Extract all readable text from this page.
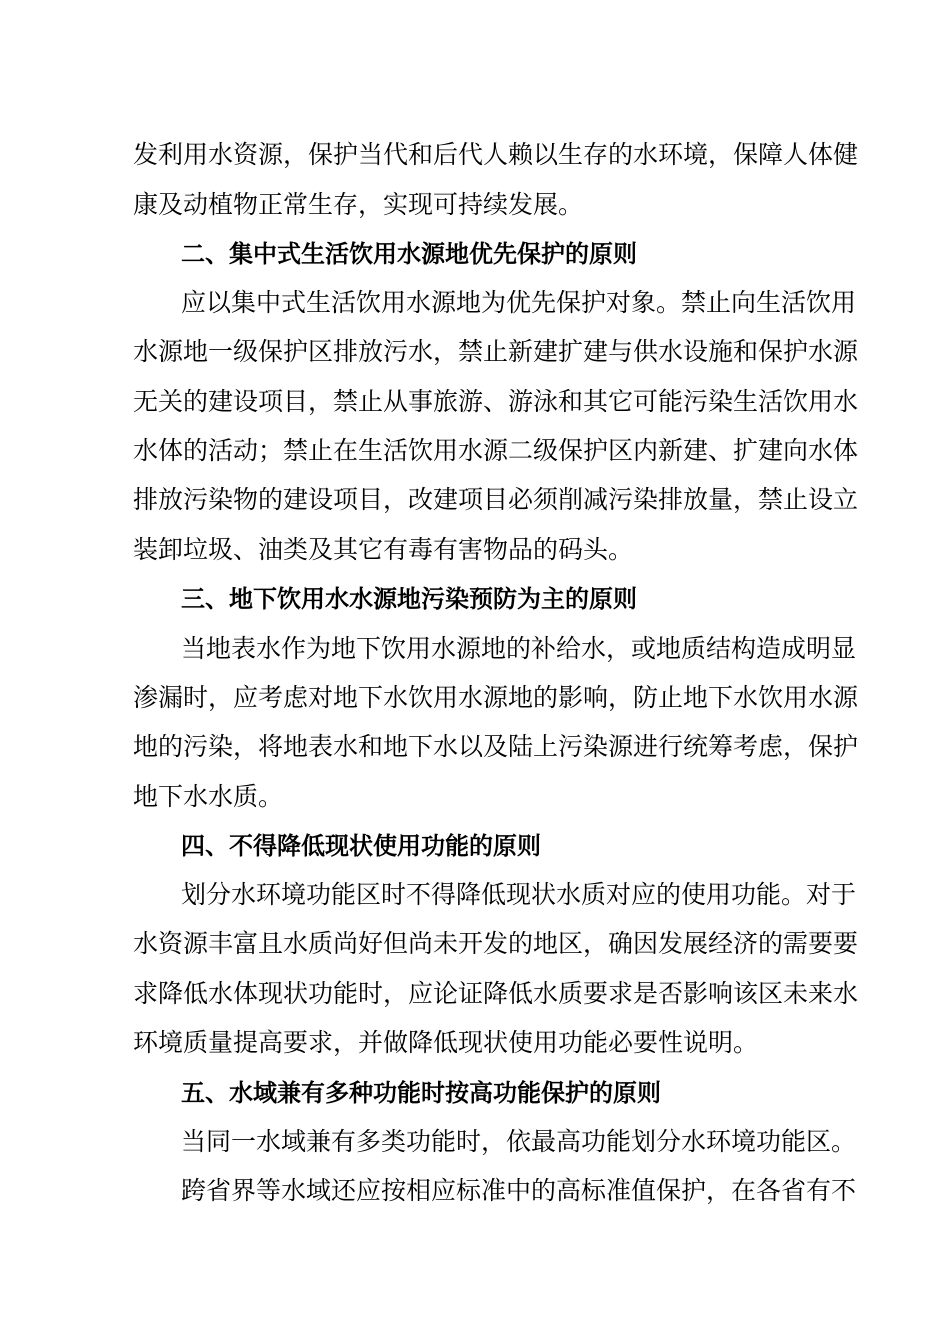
发利用水资源，保护当代和后代人赖以生存的水环境，保障人体健
康及动植物正常生存，实现可持续发展。
二、集中式生活饮用水源地优先保护的原则
应以集中式生活饮用水源地为优先保护对象。禁止向生活饮用
水源地一级保护区排放污水，禁止新建扩建与供水设施和保护水源
无关的建设项目，禁止从事旅游、游泳和其它可能污染生活饮用水
水体的活动；禁止在生活饮用水源二级保护区内新建、扩建向水体
排放污染物的建设项目，改建项目必须削减污染排放量，禁止设立
装卸垃圾、油类及其它有毒有害物品的码头。
三、地下饮用水水源地污染预防为主的原则
当地表水作为地下饮用水源地的补给水，或地质结构造成明显
渗漏时，应考虑对地下水饮用水源地的影响，防止地下水饮用水源
地的污染，将地表水和地下水以及陆上污染源进行统筹考虑，保护
地下水水质。
四、不得降低现状使用功能的原则
划分水环境功能区时不得降低现状水质对应的使用功能。对于
水资源丰富且水质尚好但尚未开发的地区，确因发展经济的需要要
求降低水体现状功能时，应论证降低水质要求是否影响该区未来水
环境质量提高要求，并做降低现状使用功能必要性说明。
五、水域兼有多种功能时按高功能保护的原则
当同一水域兼有多类功能时，依最高功能划分水环境功能区。
跨省界等水域还应按相应标准中的高标准值保护，在各省有不
